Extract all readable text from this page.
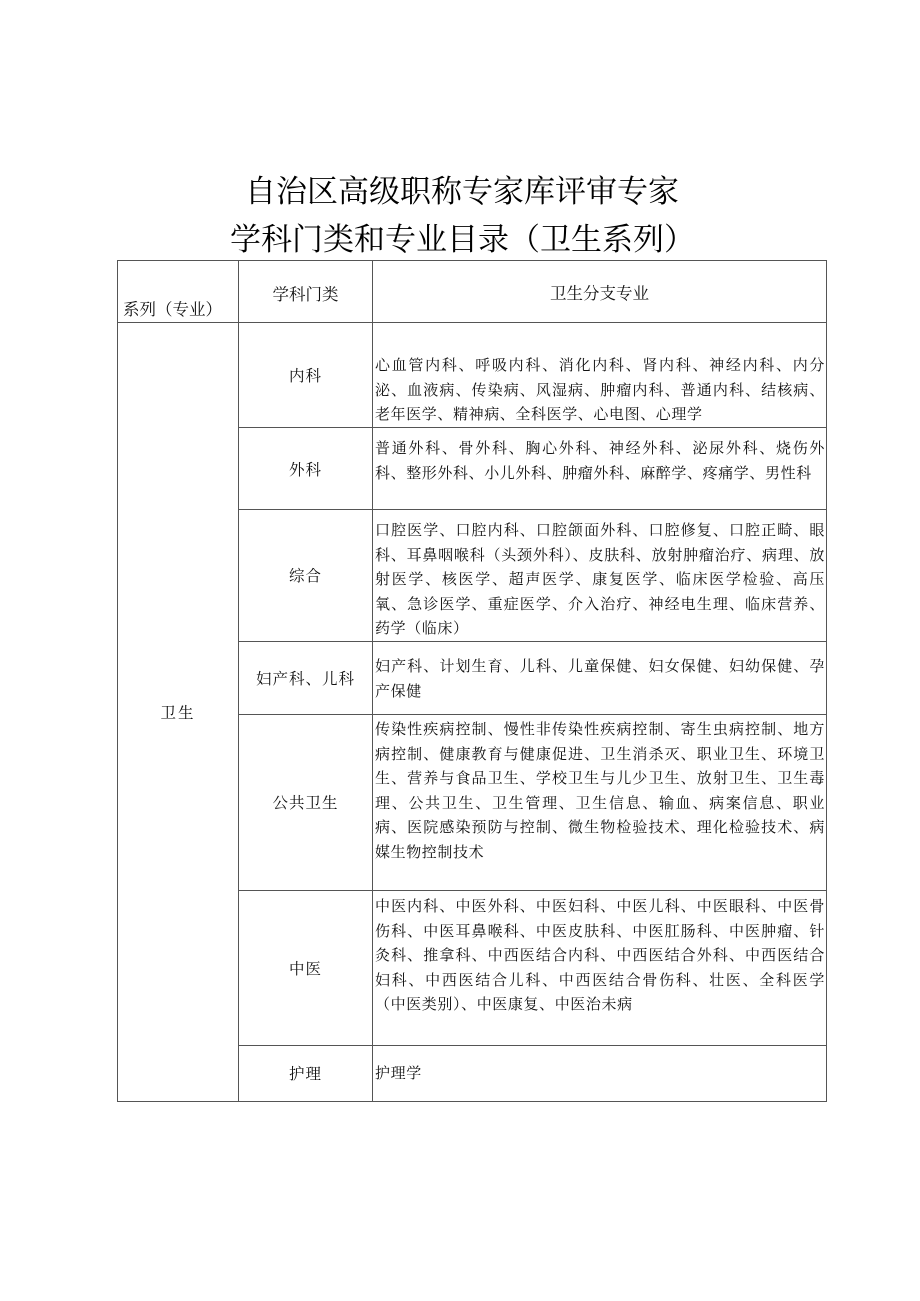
自治区高级职称专家库评审专家
学科门类和专业目录（卫生系列）
系列（专业）	学科门类	卫生分支专业
卫生	内科	心血管内科、呼吸内科、消化内科、肾内科、神经内科、内分泌、血液病、传染病、风湿病、肿瘤内科、普通内科、结核病、老年医学、精神病、全科医学、心电图、心理学
	外科	普通外科、骨外科、胸心外科、神经外科、泌尿外科、烧伤外科、整形外科、小儿外科、肿瘤外科、麻醉学、疼痛学、男性科
	综合	口腔医学、口腔内科、口腔颌面外科、口腔修复、口腔正畸、眼科、耳鼻咽喉科（头颈外科）、皮肤科、放射肿瘤治疗、病理、放射医学、核医学、超声医学、康复医学、临床医学检验、高压氧、急诊医学、重症医学、介入治疗、神经电生理、临床营养、药学（临床）
	妇产科、儿科	妇产科、计划生育、儿科、儿童保健、妇女保健、妇幼保健、孕产保健
	公共卫生	传染性疾病控制、慢性非传染性疾病控制、寄生虫病控制、地方病控制、健康教育与健康促进、卫生消杀灭、职业卫生、环境卫生、营养与食品卫生、学校卫生与儿少卫生、放射卫生、卫生毒理、公共卫生、卫生管理、卫生信息、输血、病案信息、职业病、医院感染预防与控制、微生物检验技术、理化检验技术、病媒生物控制技术
	中医	中医内科、中医外科、中医妇科、中医儿科、中医眼科、中医骨伤科、中医耳鼻喉科、中医皮肤科、中医肛肠科、中医肿瘤、针灸科、推拿科、中西医结合内科、中西医结合外科、中西医结合妇科、中西医结合儿科、中西医结合骨伤科、壮医、全科医学（中医类别）、中医康复、中医治未病
	护理	护理学
